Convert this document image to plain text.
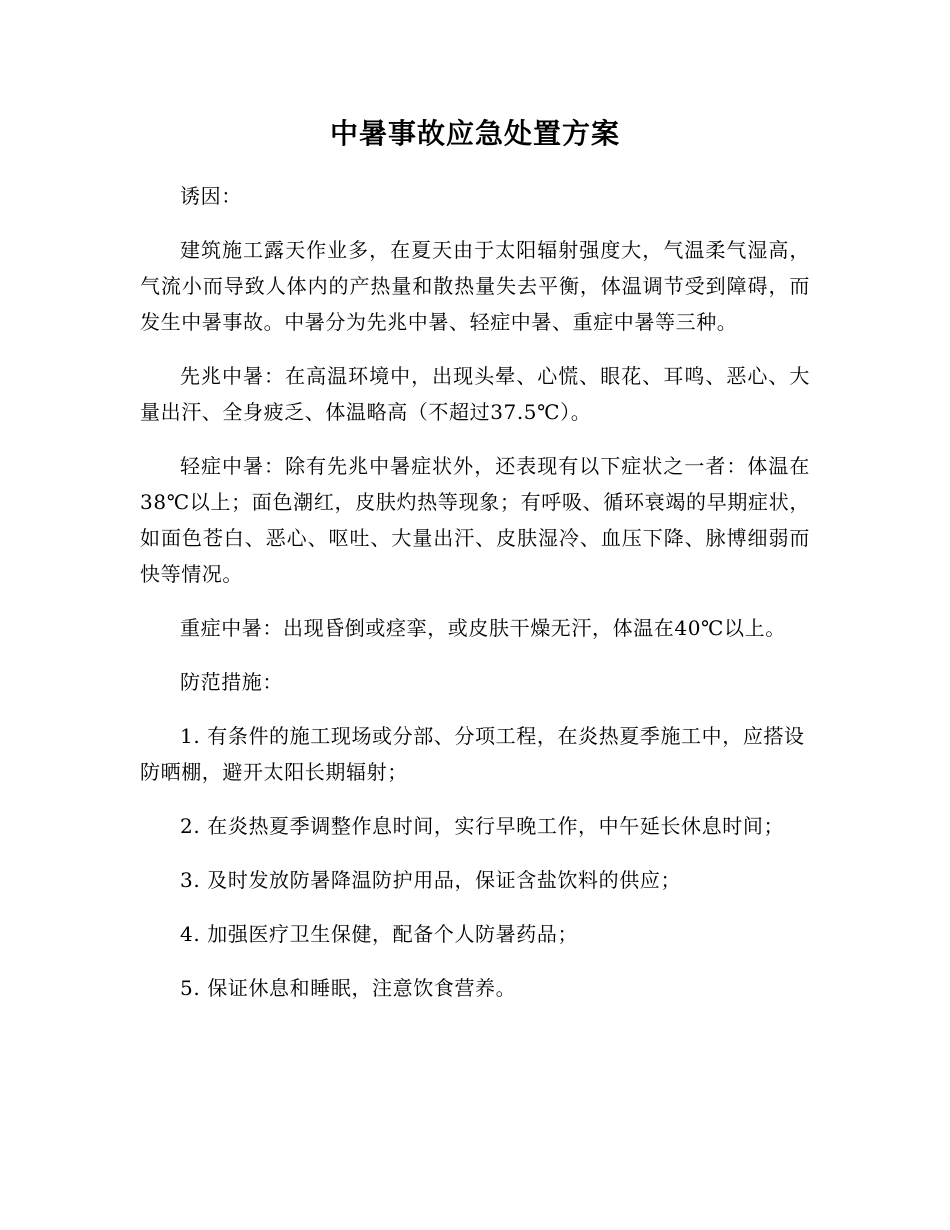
中暑事故应急处置方案

诱因：

建筑施工露天作业多，在夏天由于太阳辐射强度大，气温柔气湿高，气流小而导致人体内的产热量和散热量失去平衡，体温调节受到障碍，而发生中暑事故。中暑分为先兆中暑、轻症中暑、重症中暑等三种。

先兆中暑：在高温环境中，出现头晕、心慌、眼花、耳鸣、恶心、大量出汗、全身疲乏、体温略高（不超过37.5℃）。

轻症中暑：除有先兆中暑症状外，还表现有以下症状之一者：体温在38℃以上；面色潮红，皮肤灼热等现象；有呼吸、循环衰竭的早期症状，如面色苍白、恶心、呕吐、大量出汗、皮肤湿冷、血压下降、脉博细弱而快等情况。

重症中暑：出现昏倒或痉挛，或皮肤干燥无汗，体温在40℃以上。

防范措施：

1. 有条件的施工现场或分部、分项工程，在炎热夏季施工中，应搭设防晒棚，避开太阳长期辐射；

2. 在炎热夏季调整作息时间，实行早晚工作，中午延长休息时间；

3. 及时发放防暑降温防护用品，保证含盐饮料的供应；

4. 加强医疗卫生保健，配备个人防暑药品；

5. 保证休息和睡眠，注意饮食营养。
